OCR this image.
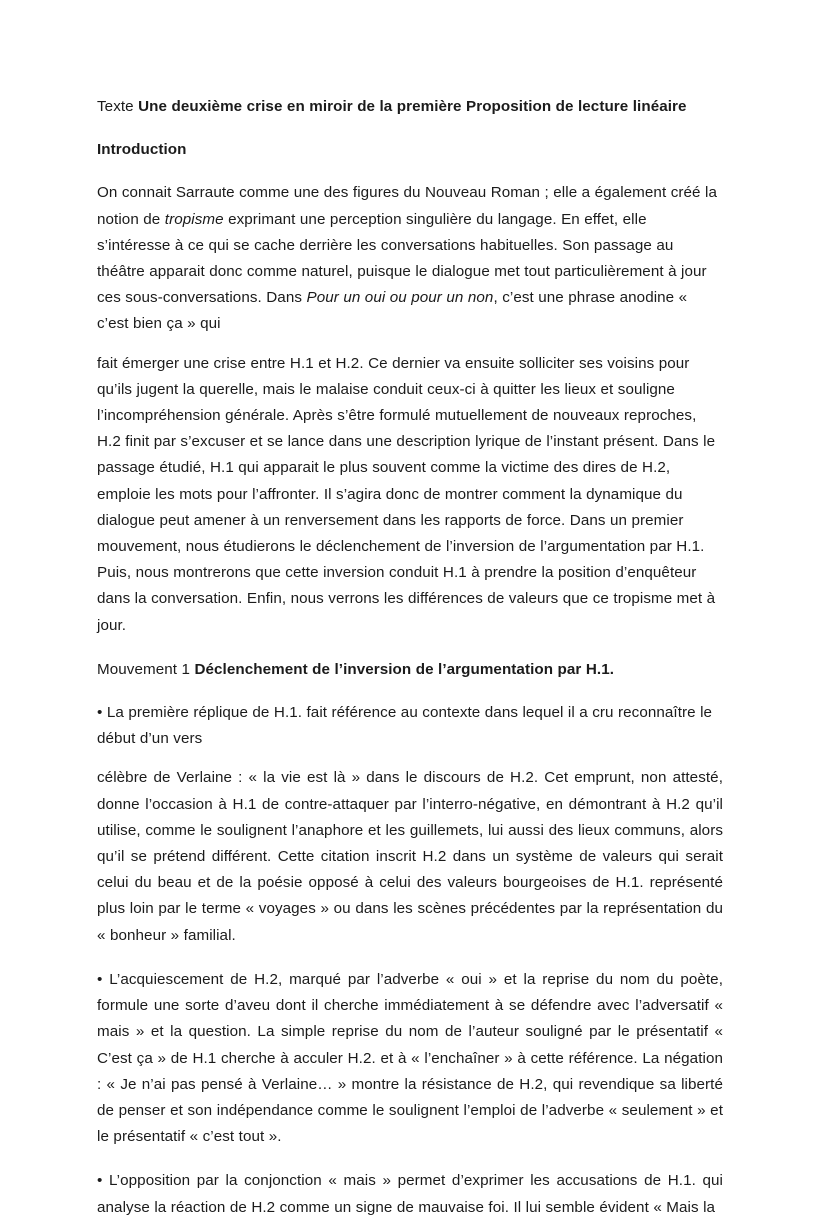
Texte Une deuxième crise en miroir de la première Proposition de lecture linéaire

Introduction

On connait Sarraute comme une des figures du Nouveau Roman ; elle a également créé la notion de tropisme exprimant une perception singulière du langage. En effet, elle s’intéresse à ce qui se cache derrière les conversations habituelles. Son passage au théâtre apparait donc comme naturel, puisque le dialogue met tout particulièrement à jour ces sous-conversations. Dans Pour un oui ou pour un non, c’est une phrase anodine « c’est bien ça » qui

fait émerger une crise entre H.1 et H.2. Ce dernier va ensuite solliciter ses voisins pour qu’ils jugent la querelle, mais le malaise conduit ceux-ci à quitter les lieux et souligne l’incompréhension générale. Après s’être formulé mutuellement de nouveaux reproches, H.2 finit par s’excuser et se lance dans une description lyrique de l’instant présent. Dans le passage étudié, H.1 qui apparait le plus souvent comme la victime des dires de H.2, emploie les mots pour l’affronter. Il s’agira donc de montrer comment la dynamique du dialogue peut amener à un renversement dans les rapports de force. Dans un premier mouvement, nous étudierons le déclenchement de l’inversion de l’argumentation par H.1. Puis, nous montrerons que cette inversion conduit H.1 à prendre la position d’enquêteur dans la conversation. Enfin, nous verrons les différences de valeurs que ce tropisme met à jour.

Mouvement 1 Déclenchement de l’inversion de l’argumentation par H.1.

• La première réplique de H.1. fait référence au contexte dans lequel il a cru reconnaître le début d’un vers

célèbre de Verlaine : « la vie est là » dans le discours de H.2. Cet emprunt, non attesté, donne l’occasion à H.1 de contre-attaquer par l’interro-négative, en démontrant à H.2 qu’il utilise, comme le soulignent l’anaphore et les guillemets, lui aussi des lieux communs, alors qu’il se prétend différent. Cette citation inscrit H.2 dans un système de valeurs qui serait celui du beau et de la poésie opposé à celui des valeurs bourgeoises de H.1. représenté plus loin par le terme « voyages » ou dans les scènes précédentes par la représentation du « bonheur » familial.

• L’acquiescement de H.2, marqué par l’adverbe « oui » et la reprise du nom du poète, formule une sorte d’aveu dont il cherche immédiatement à se défendre avec l’adversatif « mais » et la question. La simple reprise du nom de l’auteur souligné par le présentatif « C’est ça » de H.1 cherche à acculer H.2. et à « l’enchaîner » à cette référence. La négation : « Je n’ai pas pensé à Verlaine… » montre la résistance de H.2, qui revendique sa liberté de penser et son indépendance comme le soulignent l’emploi de l’adverbe « seulement » et le présentatif « c’est tout ».

• L’opposition par la conjonction « mais » permet d’exprimer les accusations de H.1. qui analyse la réaction de H.2 comme un signe de mauvaise foi. Il lui semble évident « Mais la
